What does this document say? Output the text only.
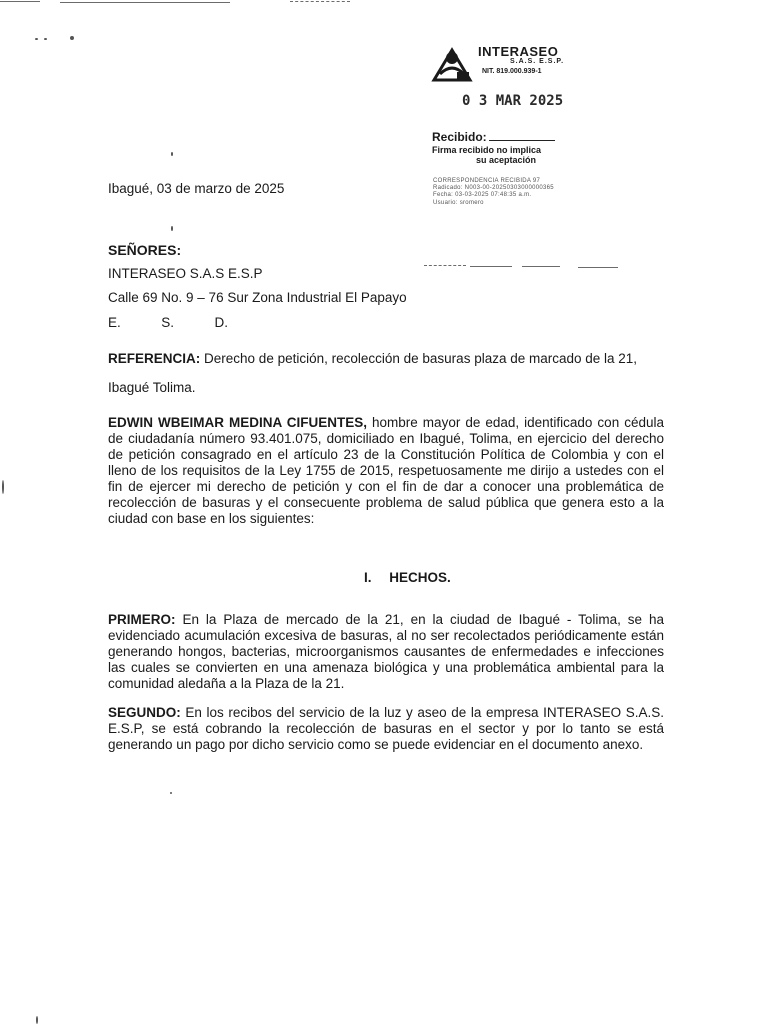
INTERASEO
S.A.S. E.S.P.
NIT. 819.000.939-1
0 3 MAR 2025
Recibido:
Firma recibido no implica
su aceptación
CORRESPONDENCIA RECIBIDA 97
Radicado: N003-00-20250303000000365
Fecha: 03-03-2025 07:48:35 a.m.
Usuario: sromero
Ibagué, 03 de marzo de 2025
SEÑORES:
INTERASEO S.A.S E.S.P
Calle 69 No. 9 – 76 Sur Zona Industrial El Papayo
E.	S.	D.
REFERENCIA: Derecho de petición, recolección de basuras plaza de marcado de la 21,
Ibagué Tolima.
EDWIN WBEIMAR MEDINA CIFUENTES, hombre mayor de edad, identificado con cédula de ciudadanía número 93.401.075, domiciliado en Ibagué, Tolima, en ejercicio del derecho de petición consagrado en el artículo 23 de la Constitución Política de Colombia y con el lleno de los requisitos de la Ley 1755 de 2015, respetuosamente me dirijo a ustedes con el fin de ejercer mi derecho de petición y con el fin de dar a conocer una problemática de recolección de basuras y el consecuente problema de salud pública que genera esto a la ciudad con base en los siguientes:
I. HECHOS.
PRIMERO: En la Plaza de mercado de la 21, en la ciudad de Ibagué - Tolima, se ha evidenciado acumulación excesiva de basuras, al no ser recolectados periódicamente están generando hongos, bacterias, microorganismos causantes de enfermedades e infecciones las cuales se convierten en una amenaza biológica y una problemática ambiental para la comunidad aledaña a la Plaza de la 21.
SEGUNDO: En los recibos del servicio de la luz y aseo de la empresa INTERASEO S.A.S. E.S.P, se está cobrando la recolección de basuras en el sector y por lo tanto se está generando un pago por dicho servicio como se puede evidenciar en el documento anexo.
